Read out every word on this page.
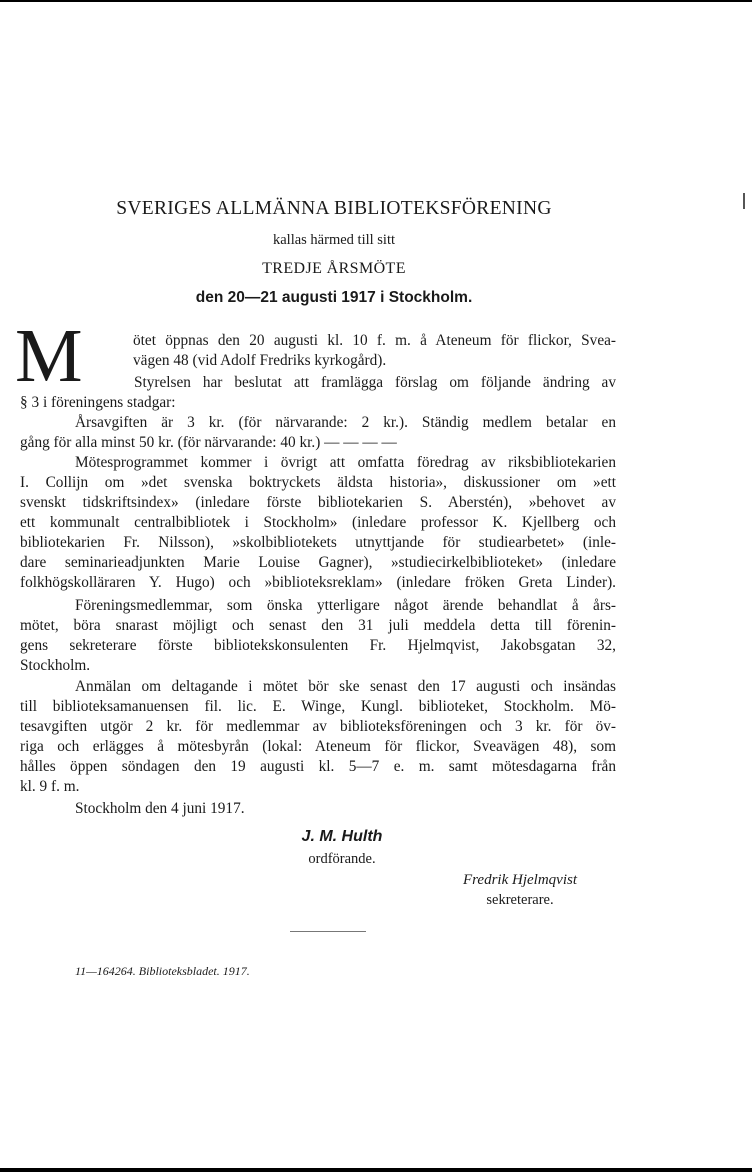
SVERIGES ALLMÄNNA BIBLIOTEKSFÖRENING
kallas härmed till sitt
TREDJE ÅRSMÖTE
den 20—21 augusti 1917 i Stockholm.
M	ötet öppnas den 20 augusti kl. 10 f. m. å Ateneum för flickor, Svea-
vägen 48 (vid Adolf Fredriks kyrkogård).
Styrelsen har beslutat att framlägga förslag om följande ändring av
§ 3 i föreningens stadgar:
Årsavgiften är 3 kr. (för närvarande: 2 kr.). Ständig medlem betalar en
gång för alla minst 50 kr. (för närvarande: 40 kr.) — — — —
Mötesprogrammet kommer i övrigt att omfatta föredrag av riksbibliotekarien
I. Collijn om »det svenska boktryckets äldsta historia», diskussioner om »ett
svenskt tidskriftsindex» (inledare förste bibliotekarien S. Aberstén), »behovet av
ett kommunalt centralbibliotek i Stockholm» (inledare professor K. Kjellberg och
bibliotekarien Fr. Nilsson), »skolbibliotekets utnyttjande för studiearbetet» (inle-
dare seminarieadjunkten Marie Louise Gagner), »studiecirkelbiblioteket» (inledare
folkhögskolläraren Y. Hugo) och »biblioteksreklam» (inledare fröken Greta Linder).
Föreningsmedlemmar, som önska ytterligare något ärende behandlat å års-
mötet, böra snarast möjligt och senast den 31 juli meddela detta till förenin-
gens sekreterare förste bibliotekskonsulenten Fr. Hjelmqvist, Jakobsgatan 32,
Stockholm.
Anmälan om deltagande i mötet bör ske senast den 17 augusti och insändas
till biblioteksamanuensen fil. lic. E. Winge, Kungl. biblioteket, Stockholm. Mö-
tesavgiften utgör 2 kr. för medlemmar av biblioteksföreningen och 3 kr. för öv-
riga och erlägges å mötesbyrån (lokal: Ateneum för flickor, Sveavägen 48), som
hålles öppen söndagen den 19 augusti kl. 5—7 e. m. samt mötesdagarna från
kl. 9 f. m.
Stockholm den 4 juni 1917.
J. M. Hulth
ordförande.
Fredrik Hjelmqvist
sekreterare.
11—164264. Biblioteksbladet. 1917.
